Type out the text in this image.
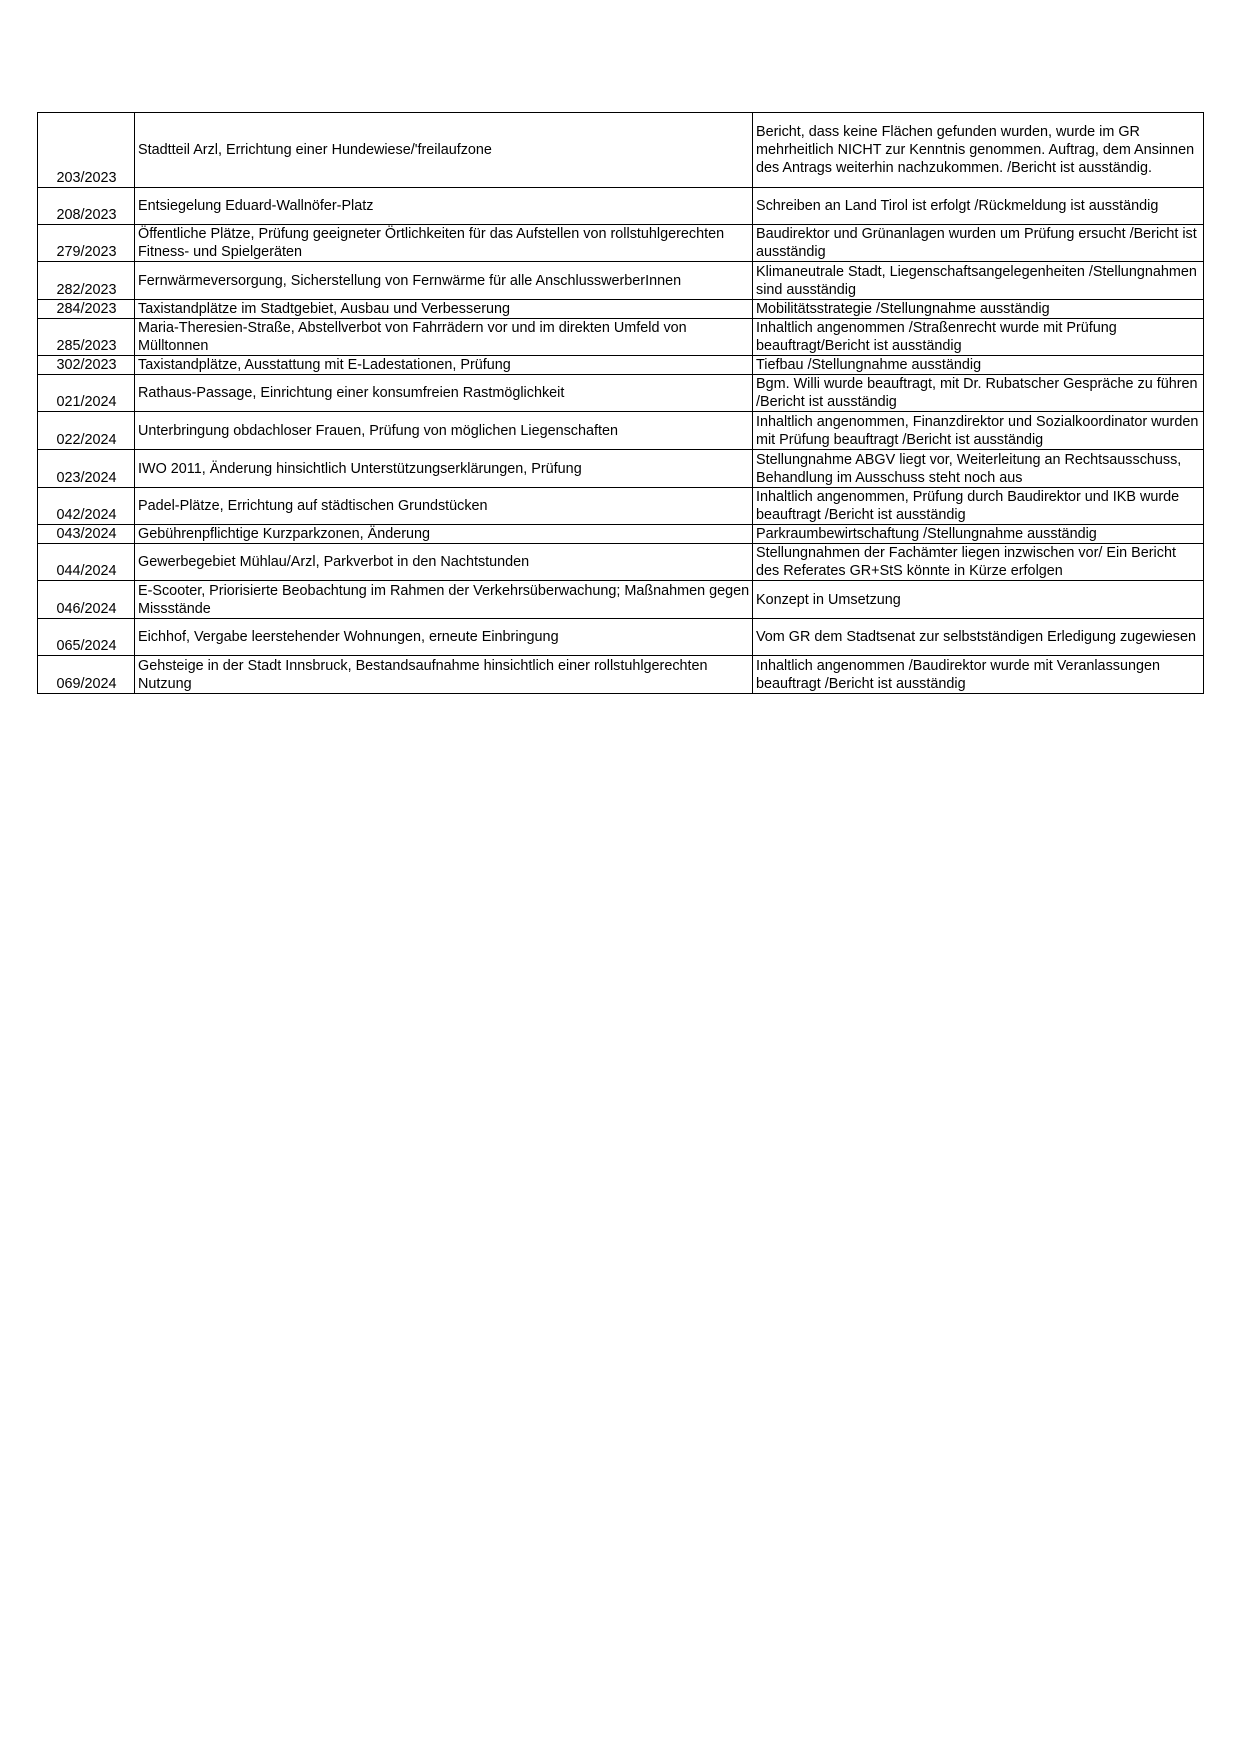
203/2023	Stadtteil Arzl, Errichtung einer Hundewiese/'freilaufzone	Bericht, dass keine Flächen gefunden wurden, wurde im GR mehrheitlich NICHT zur Kenntnis genommen. Auftrag, dem Ansinnen des Antrags weiterhin nachzukommen. /Bericht ist ausständig.
208/2023	Entsiegelung Eduard-Wallnöfer-Platz	Schreiben an Land Tirol ist erfolgt /Rückmeldung ist ausständig
279/2023	Öffentliche Plätze, Prüfung geeigneter Örtlichkeiten für das Aufstellen von rollstuhlgerechten Fitness- und Spielgeräten	Baudirektor und Grünanlagen wurden um Prüfung ersucht /Bericht ist ausständig
282/2023	Fernwärmeversorgung, Sicherstellung von Fernwärme für alle AnschlusswerberInnen	Klimaneutrale Stadt, Liegenschaftsangelegenheiten /Stellungnahmen sind ausständig
284/2023	Taxistandplätze im Stadtgebiet, Ausbau und Verbesserung	Mobilitätsstrategie /Stellungnahme ausständig
285/2023	Maria-Theresien-Straße, Abstellverbot von Fahrrädern vor und im direkten Umfeld von Mülltonnen	Inhaltlich angenommen /Straßenrecht wurde mit Prüfung beauftragt/Bericht ist ausständig
302/2023	Taxistandplätze, Ausstattung mit E-Ladestationen, Prüfung	Tiefbau /Stellungnahme ausständig
021/2024	Rathaus-Passage, Einrichtung einer konsumfreien Rastmöglichkeit	Bgm. Willi wurde beauftragt, mit Dr. Rubatscher Gespräche zu führen /Bericht ist ausständig
022/2024	Unterbringung obdachloser Frauen, Prüfung von möglichen Liegenschaften	Inhaltlich angenommen, Finanzdirektor und Sozialkoordinator wurden mit Prüfung beauftragt /Bericht ist ausständig
023/2024	IWO 2011, Änderung hinsichtlich Unterstützungserklärungen, Prüfung	Stellungnahme ABGV liegt vor, Weiterleitung an Rechtsausschuss, Behandlung im Ausschuss steht noch aus
042/2024	Padel-Plätze, Errichtung auf städtischen Grundstücken	Inhaltlich angenommen, Prüfung durch Baudirektor und IKB wurde beauftragt /Bericht ist ausständig
043/2024	Gebührenpflichtige Kurzparkzonen, Änderung	Parkraumbewirtschaftung /Stellungnahme ausständig
044/2024	Gewerbegebiet Mühlau/Arzl, Parkverbot in den Nachtstunden	Stellungnahmen der Fachämter liegen inzwischen vor/ Ein Bericht des Referates GR+StS könnte in Kürze erfolgen
046/2024	E-Scooter, Priorisierte Beobachtung im Rahmen der Verkehrsüberwachung; Maßnahmen gegen Missstände	Konzept in Umsetzung
065/2024	Eichhof, Vergabe leerstehender Wohnungen, erneute Einbringung	Vom GR dem Stadtsenat zur selbstständigen Erledigung zugewiesen
069/2024	Gehsteige in der Stadt Innsbruck, Bestandsaufnahme hinsichtlich einer rollstuhlgerechten Nutzung	Inhaltlich angenommen /Baudirektor wurde mit Veranlassungen beauftragt /Bericht ist ausständig
